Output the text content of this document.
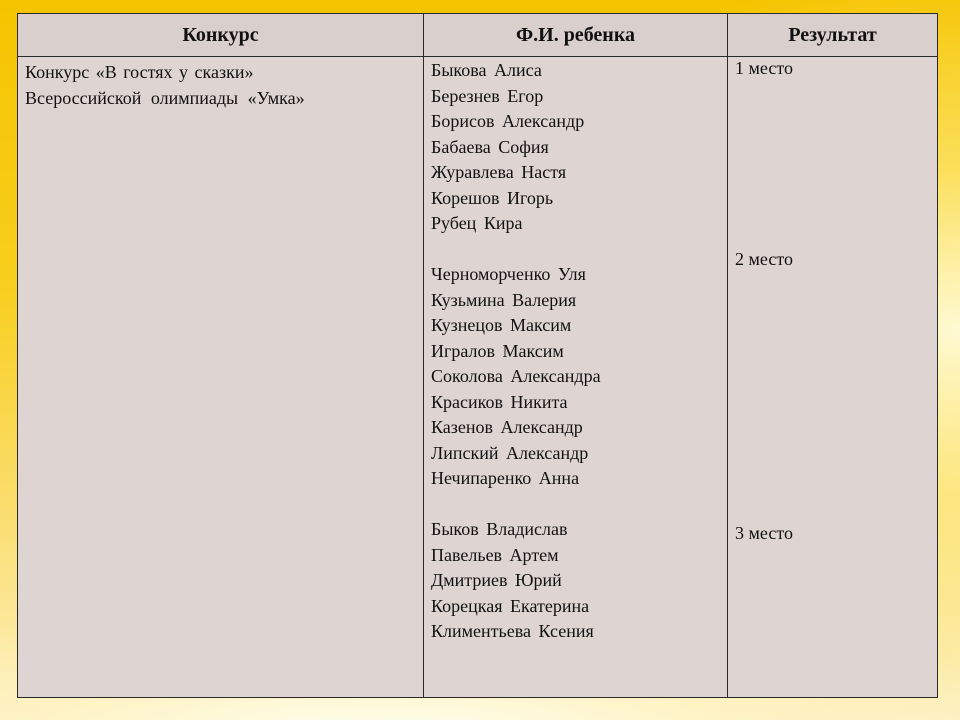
Конкурс	Ф.И. ребенка	Результат
Конкурс «В гостях у сказки»
Всероссийской олимпиады «Умка»
Быкова Алиса
Березнев Егор
Борисов Александр
Бабаева София
Журавлева Настя
Корешов Игорь
Рубец Кира
Черноморченко Уля
Кузьмина Валерия
Кузнецов Максим
Игралов Максим
Соколова Александра
Красиков Никита
Казенов Александр
Липский Александр
Нечипаренко Анна
Быков Владислав
Павельев Артем
Дмитриев Юрий
Корецкая Екатерина
Климентьева Ксения
1 место
2 место
3 место
